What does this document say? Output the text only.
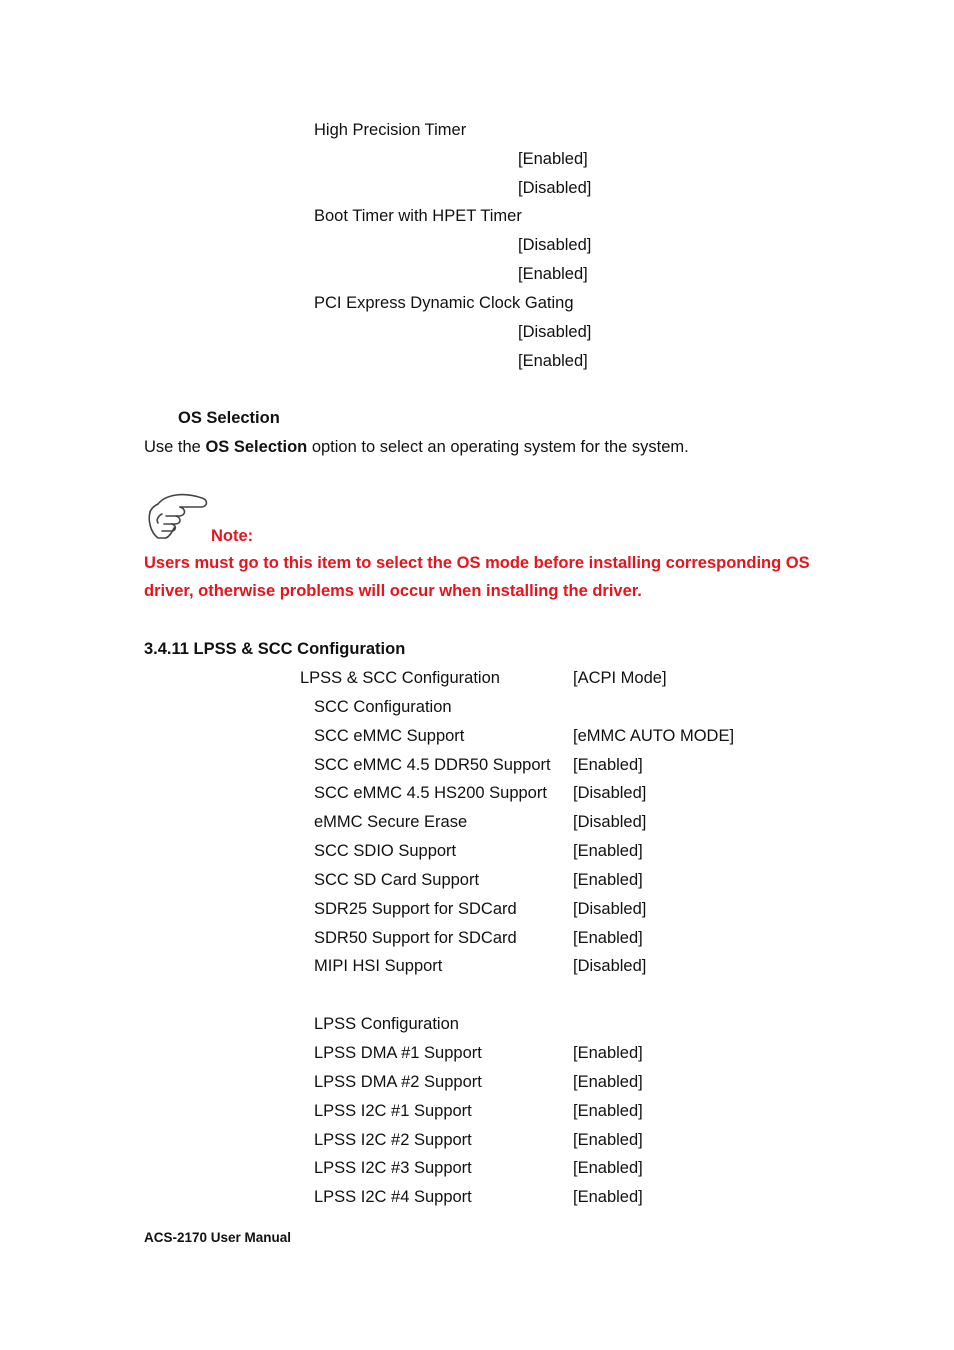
High Precision Timer
[Enabled]
[Disabled]
Boot Timer with HPET Timer
[Disabled]
[Enabled]
PCI Express Dynamic Clock Gating
[Disabled]
[Enabled]
OS Selection
Use the OS Selection option to select an operating system for the system.
Note:
Users must go to this item to select the OS mode before installing corresponding OS
driver, otherwise problems will occur when installing the driver.
3.4.11 LPSS & SCC Configuration
LPSS & SCC Configuration	[ACPI Mode]
SCC Configuration
SCC eMMC Support	[eMMC AUTO MODE]
SCC eMMC 4.5 DDR50 Support [Enabled]
SCC eMMC 4.5 HS200 Support [Disabled]
eMMC Secure Erase	[Disabled]
SCC SDIO Support	[Enabled]
SCC SD Card Support	[Enabled]
SDR25 Support for SDCard	[Disabled]
SDR50 Support for SDCard	[Enabled]
MIPI HSI Support	[Disabled]
LPSS Configuration
LPSS DMA #1 Support	[Enabled]
LPSS DMA #2 Support	[Enabled]
LPSS I2C #1 Support	[Enabled]
LPSS I2C #2 Support	[Enabled]
LPSS I2C #3 Support	[Enabled]
LPSS I2C #4 Support	[Enabled]
ACS-2170 User Manual
